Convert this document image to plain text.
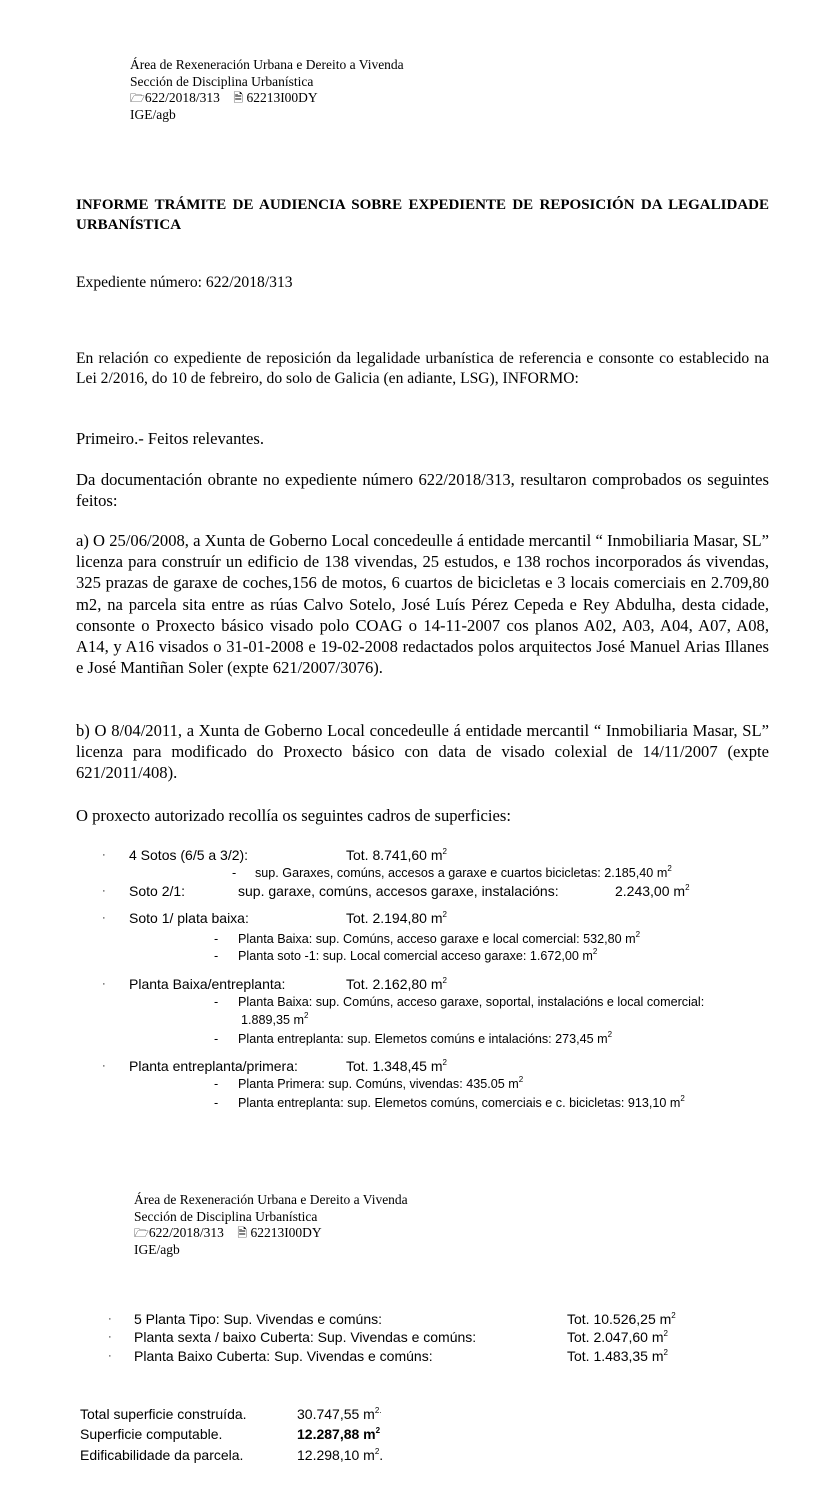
Área de Rexeneración Urbana e Dereito a Vivenda
Sección de Disciplina Urbanística
🗁622/2018/313 🗎 62213I00DY
IGE/agb
INFORME TRÁMITE DE AUDIENCIA SOBRE EXPEDIENTE DE REPOSICIÓN DA LEGALIDADE URBANÍSTICA
Expediente número: 622/2018/313
En relación co expediente de reposición da legalidade urbanística de referencia e consonte co establecido na Lei 2/2016, do 10 de febreiro, do solo de Galicia (en adiante, LSG), INFORMO:
Primeiro.- Feitos relevantes.
Da documentación obrante no expediente número 622/2018/313, resultaron comprobados os seguintes feitos:
a) O 25/06/2008, a Xunta de Goberno Local concedeulle á entidade mercantil “ Inmobiliaria Masar, SL” licenza para construír un edificio de 138 vivendas, 25 estudos, e 138 rochos incorporados ás vivendas, 325 prazas de garaxe de coches,156 de motos, 6 cuartos de bicicletas e 3 locais comerciais en 2.709,80 m2, na parcela sita entre as rúas Calvo Sotelo, José Luís Pérez Cepeda e Rey Abdulha, desta cidade, consonte o Proxecto básico visado polo COAG o 14-11-2007 cos planos A02, A03, A04, A07, A08, A14, y A16 visados o 31-01-2008 e 19-02-2008 redactados polos arquitectos José Manuel Arias Illanes e José Mantiñan Soler (expte 621/2007/3076).
b) O 8/04/2011, a Xunta de Goberno Local concedeulle á entidade mercantil “ Inmobiliaria Masar, SL” licenza para modificado do Proxecto básico con data de visado colexial de 14/11/2007 (expte 621/2011/408).
O proxecto autorizado recollía os seguintes cadros de superficies:
· 4 Sotos (6/5 a 3/2):	Tot. 8.741,60 $m^2$
- sup. Garaxes, comúns, accesos a garaxe e cuartos bicicletas: 2.185,40 $m^2$
· Soto 2/1:	sup. garaxe, comúns, accesos garaxe, instalacións:	2.243,00 $m^2$
· Soto 1/ plata baixa:	Tot. 2.194,80 $m^2$
- Planta Baixa: sup. Comúns, acceso garaxe e local comercial: 532,80 $m^2$
- Planta soto -1: sup. Local comercial acceso garaxe: 1.672,00 $m^2$
· Planta Baixa/entreplanta:	Tot. 2.162,80 $m^2$
- Planta Baixa: sup. Comúns, acceso garaxe, soportal, instalacións e local comercial:
1.889,35 $m^2$
- Planta entreplanta: sup. Elemetos comúns e intalacións: 273,45 $m^2$
· Planta entreplanta/primera:	Tot. 1.348,45 $m^2$
- Planta Primera: sup. Comúns, vivendas: 435.05 $m^2$
- Planta entreplanta: sup. Elemetos comúns, comerciais e c. bicicletas: 913,10 $m^2$
Área de Rexeneración Urbana e Dereito a Vivenda
Sección de Disciplina Urbanística
🗁622/2018/313 🗎 62213I00DY
IGE/agb
· 5 Planta Tipo: Sup. Vivendas e comúns:	Tot. 10.526,25 $m^2$
· Planta sexta / baixo Cuberta: Sup. Vivendas e comúns:	Tot. 2.047,60 $m^2$
· Planta Baixo Cuberta: Sup. Vivendas e comúns:	Tot. 1.483,35 $m^2$
Total superficie construída.	30.747,55 $m^{2.}$
Superficie computable.	12.287,88 $m^2$
Edificabilidade da parcela.	12.298,10 $m^2$.
